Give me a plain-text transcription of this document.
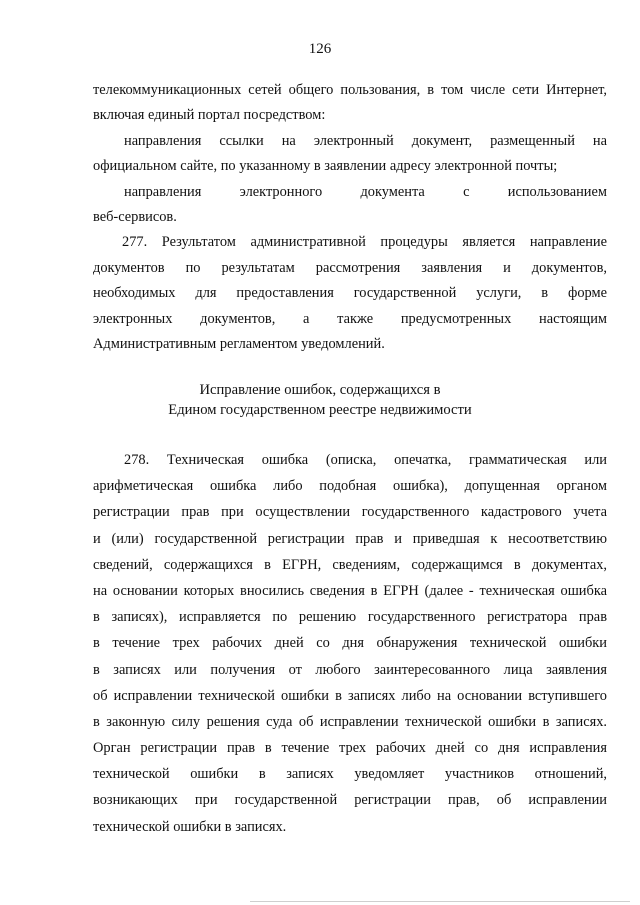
126
телекоммуникационных сетей общего пользования, в том числе сети Интернет,
включая единый портал посредством:
направления ссылки на электронный документ, размещенный на
официальном сайте, по указанному в заявлении адресу электронной почты;
направления электронного документа с использованием
веб-сервисов.
277. Результатом административной процедуры является направление
документов по результатам рассмотрения заявления и документов,
необходимых для предоставления государственной услуги, в форме
электронных документов, а также предусмотренных настоящим
Административным регламентом уведомлений.
Исправление ошибок, содержащихся в
Едином государственном реестре недвижимости
278. Техническая ошибка (описка, опечатка, грамматическая или
арифметическая ошибка либо подобная ошибка), допущенная органом
регистрации прав при осуществлении государственного кадастрового учета
и (или) государственной регистрации прав и приведшая к несоответствию
сведений, содержащихся в ЕГРН, сведениям, содержащимся в документах,
на основании которых вносились сведения в ЕГРН (далее - техническая ошибка
в записях), исправляется по решению государственного регистратора прав
в течение трех рабочих дней со дня обнаружения технической ошибки
в записях или получения от любого заинтересованного лица заявления
об исправлении технической ошибки в записях либо на основании вступившего
в законную силу решения суда об исправлении технической ошибки в записях.
Орган регистрации прав в течение трех рабочих дней со дня исправления
технической ошибки в записях уведомляет участников отношений,
возникающих при государственной регистрации прав, об исправлении
технической ошибки в записях.
